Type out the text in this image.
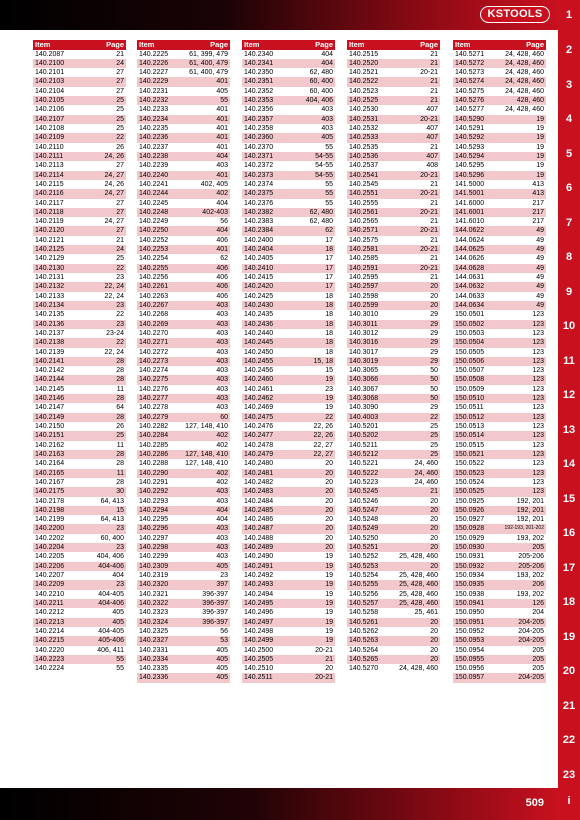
KSTOOLS	1
2
3
4
5
6
7
8
9
10
11
12
13
14
15
16
17
18
19
20
21
22
23
i
Item	Page
140.2087	21
140.2100	24
140.2101	27
140.2103	27
140.2104	27
140.2105	25
140.2106	25
140.2107	25
140.2108	25
140.2109	22
140.2110	26
140.2111	24, 26
140.2113	27
140.2114	24, 27
140.2115	24, 26
140.2116	24, 27
140.2117	27
140.2118	27
140.2119	24, 27
140.2120	27
140.2121	21
140.2125	24
140.2129	25
140.2130	22
140.2131	23
140.2132	22, 24
140.2133	22, 24
140.2134	23
140.2135	22
140.2136	23
140.2137	23-24
140.2138	22
140.2139	22, 24
140.2141	28
140.2142	28
140.2144	28
140.2145	11
140.2146	28
140.2147	64
140.2149	28
140.2150	26
140.2151	25
140.2162	11
140.2163	28
140.2164	28
140.2165	11
140.2167	28
140.2175	30
140.2178	64, 413
140.2198	15
140.2199	64, 413
140.2200	23
140.2202	60, 400
140.2204	23
140.2205	404, 406
140.2206	404-406
140.2207	404
140.2209	23
140.2210	404-405
140.2211	404-406
140.2212	405
140.2213	405
140.2214	404-405
140.2215	405-406
140.2220	406, 411
140.2223	55
140.2224	55
Item	Page
140.2225	61, 399, 479
140.2226	61, 400, 479
140.2227	61, 400, 479
140.2229	401
140.2231	405
140.2232	55
140.2233	401
140.2234	401
140.2235	401
140.2236	401
140.2237	401
140.2238	404
140.2239	403
140.2240	401
140.2241	402, 405
140.2244	402
140.2245	404
140.2248	402-403
140.2249	56
140.2250	404
140.2252	406
140.2253	401
140.2254	62
140.2255	406
140.2256	406
140.2261	406
140.2263	406
140.2267	403
140.2268	403
140.2269	403
140.2270	403
140.2271	403
140.2272	403
140.2273	403
140.2274	403
140.2275	403
140.2276	403
140.2277	403
140.2278	403
140.2279	60
140.2282 127, 148, 410
140.2284	402
140.2285	402
140.2286 127, 148, 410
140.2288 127, 148, 410
140.2290	402
140.2291	402
140.2292	403
140.2293	403
140.2294	404
140.2295	404
140.2296	403
140.2297	403
140.2298	403
140.2299	403
140.2309	405
140.2319	23
140.2320	397
140.2321	396-397
140.2322	396-397
140.2323	396-397
140.2324	396-397
140.2325	56
140.2327	53
140.2331	405
140.2334	405
140.2335	405
140.2336	405
Item	Page
140.2340	404
140.2341	404
140.2350	62, 480
140.2351	60, 400
140.2352	60, 400
140.2353	404, 406
140.2356	403
140.2357	403
140.2358	403
140.2360	405
140.2370	55
140.2371	54-55
140.2372	54-55
140.2373	54-55
140.2374	55
140.2375	55
140.2376	55
140.2382	62, 480
140.2383	62, 480
140.2384	62
140.2400	17
140.2404	18
140.2405	17
140.2410	17
140.2415	17
140.2420	17
140.2425	18
140.2430	18
140.2435	18
140.2436	18
140.2440	18
140.2445	18
140.2450	18
140.2455	15, 18
140.2456	15
140.2460	19
140.2461	23
140.2462	19
140.2469	19
140.2475	22
140.2476	22, 26
140.2477	22, 26
140.2478	22, 27
140.2479	22, 27
140.2480	20
140.2481	20
140.2482	20
140.2483	20
140.2484	20
140.2485	20
140.2486	20
140.2487	20
140.2488	20
140.2489	20
140.2490	19
140.2491	19
140.2492	19
140.2493	19
140.2494	19
140.2495	19
140.2496	19
140.2497	19
140.2498	19
140.2499	19
140.2500	20-21
140.2505	21
140.2510	20
140.2511	20-21
Item	Page
140.2515	21
140.2520	21
140.2521	20-21
140.2522	21
140.2523	21
140.2525	21
140.2530	407
140.2531	20-21
140.2532	407
140.2533	407
140.2535	21
140.2536	407
140.2537	408
140.2541	20-21
140.2545	21
140.2551	20-21
140.2555	21
140.2561	20-21
140.2565	21
140.2571	20-21
140.2575	21
140.2581	20-21
140.2585	21
140.2591	20-21
140.2595	21
140.2597	20
140.2598	20
140.2599	20
140.3010	29
140.3011	29
140.3012	29
140.3016	29
140.3017	29
140.3019	29
140.3065	50
140.3066	50
140.3067	50
140.3068	50
140.3090	29
140.4003	22
140.5201	25
140.5202	25
140.5211	25
140.5212	25
140.5221	24, 460
140.5222	24, 460
140.5223	24, 460
140.5245	21
140.5246	20
140.5247	20
140.5248	20
140.5249	20
140.5250	20
140.5251	20
140.5252	25, 428, 460
140.5253	20
140.5254	25, 428, 460
140.5255	25, 428, 460
140.5256	25, 428, 460
140.5257	25, 428, 460
140.5258	25, 461
140.5261	20
140.5262	20
140.5263	20
140.5264	20
140.5265	20
140.5270	24, 428, 460
Item	Page
140.5271	24, 428, 460
140.5272	24, 428, 460
140.5273	24, 428, 460
140.5274	24, 428, 460
140.5275	24, 428, 460
140.5276	428, 460
140.5277	24, 428, 460
140.5290	19
140.5291	19
140.5292	19
140.5293	19
140.5294	19
140.5295	19
140.5296	19
141.5000	413
141.5001	413
141.6000	217
141.6001	217
141.6010	217
144.0622	49
144.0624	49
144.0625	49
144.0626	49
144.0628	49
144.0631	49
144.0632	49
144.0633	49
144.0634	49
150.0501	123
150.0502	123
150.0503	123
150.0504	123
150.0505	123
150.0506	123
150.0507	123
150.0508	123
150.0509	123
150.0510	123
150.0511	123
150.0512	123
150.0513	123
150.0514	123
150.0515	123
150.0521	123
150.0522	123
150.0523	123
150.0524	123
150.0525	123
150.0925	192, 201
150.0926	192, 201
150.0927	192, 201
150.0928	192-193, 201-202
150.0929	193, 202
150.0930	205
150.0931	205-206
150.0932	205-206
150.0934	193, 202
150.0935	206
150.0938	193, 202
150.0941	126
150.0950	204
150.0951	204-205
150.0952	204-205
150.0953	204-205
150.0954	205
150.0955	205
150.0956	205
150.0957	204-205
509
